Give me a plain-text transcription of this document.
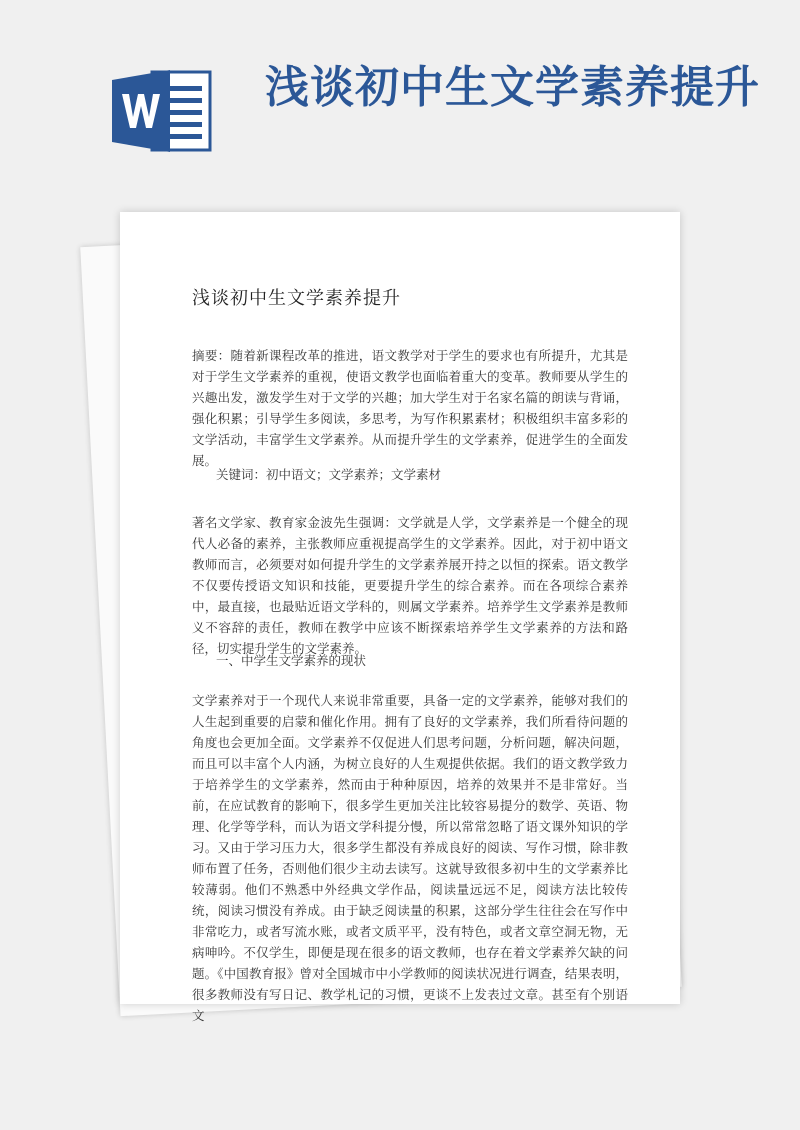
浅谈初中生文学素养提升
浅谈初中生文学素养提升

摘要：随着新课程改革的推进，语文教学对于学生的要求也有所提升，尤其是对于学生文学素养的重视，使语文教学也面临着重大的变革。教师要从学生的兴趣出发，激发学生对于文学的兴趣；加大学生对于名家名篇的朗读与背诵，强化积累；引导学生多阅读，多思考，为写作积累素材；积极组织丰富多彩的文学活动，丰富学生文学素养。从而提升学生的文学素养，促进学生的全面发展。

关键词：初中语文；文学素养；文学素材

著名文学家、教育家金波先生强调：文学就是人学，文学素养是一个健全的现代人必备的素养，主张教师应重视提高学生的文学素养。因此，对于初中语文教师而言，必须要对如何提升学生的文学素养展开持之以恒的探索。语文教学不仅要传授语文知识和技能，更要提升学生的综合素养。而在各项综合素养中，最直接，也最贴近语文学科的，则属文学素养。培养学生文学素养是教师义不容辞的责任，教师在教学中应该不断探索培养学生文学素养的方法和路径，切实提升学生的文学素养。

一、中学生文学素养的现状

文学素养对于一个现代人来说非常重要，具备一定的文学素养，能够对我们的人生起到重要的启蒙和催化作用。拥有了良好的文学素养，我们所看待问题的角度也会更加全面。文学素养不仅促进人们思考问题，分析问题，解决问题，而且可以丰富个人内涵，为树立良好的人生观提供依据。我们的语文教学致力于培养学生的文学素养，然而由于种种原因，培养的效果并不是非常好。当前，在应试教育的影响下，很多学生更加关注比较容易提分的数学、英语、物理、化学等学科，而认为语文学科提分慢，所以常常忽略了语文课外知识的学习。又由于学习压力大，很多学生都没有养成良好的阅读、写作习惯，除非教师布置了任务，否则他们很少主动去读写。这就导致很多初中生的文学素养比较薄弱。他们不熟悉中外经典文学作品，阅读量远远不足，阅读方法比较传统，阅读习惯没有养成。由于缺乏阅读量的积累，这部分学生往往会在写作中非常吃力，或者写流水账，或者文质平平，没有特色，或者文章空洞无物，无病呻吟。不仅学生，即便是现在很多的语文教师，也存在着文学素养欠缺的问题。《中国教育报》曾对全国城市中小学教师的阅读状况进行调查，结果表明，很多教师没有写日记、教学札记的习惯，更谈不上发表过文章。甚至有个别语文
